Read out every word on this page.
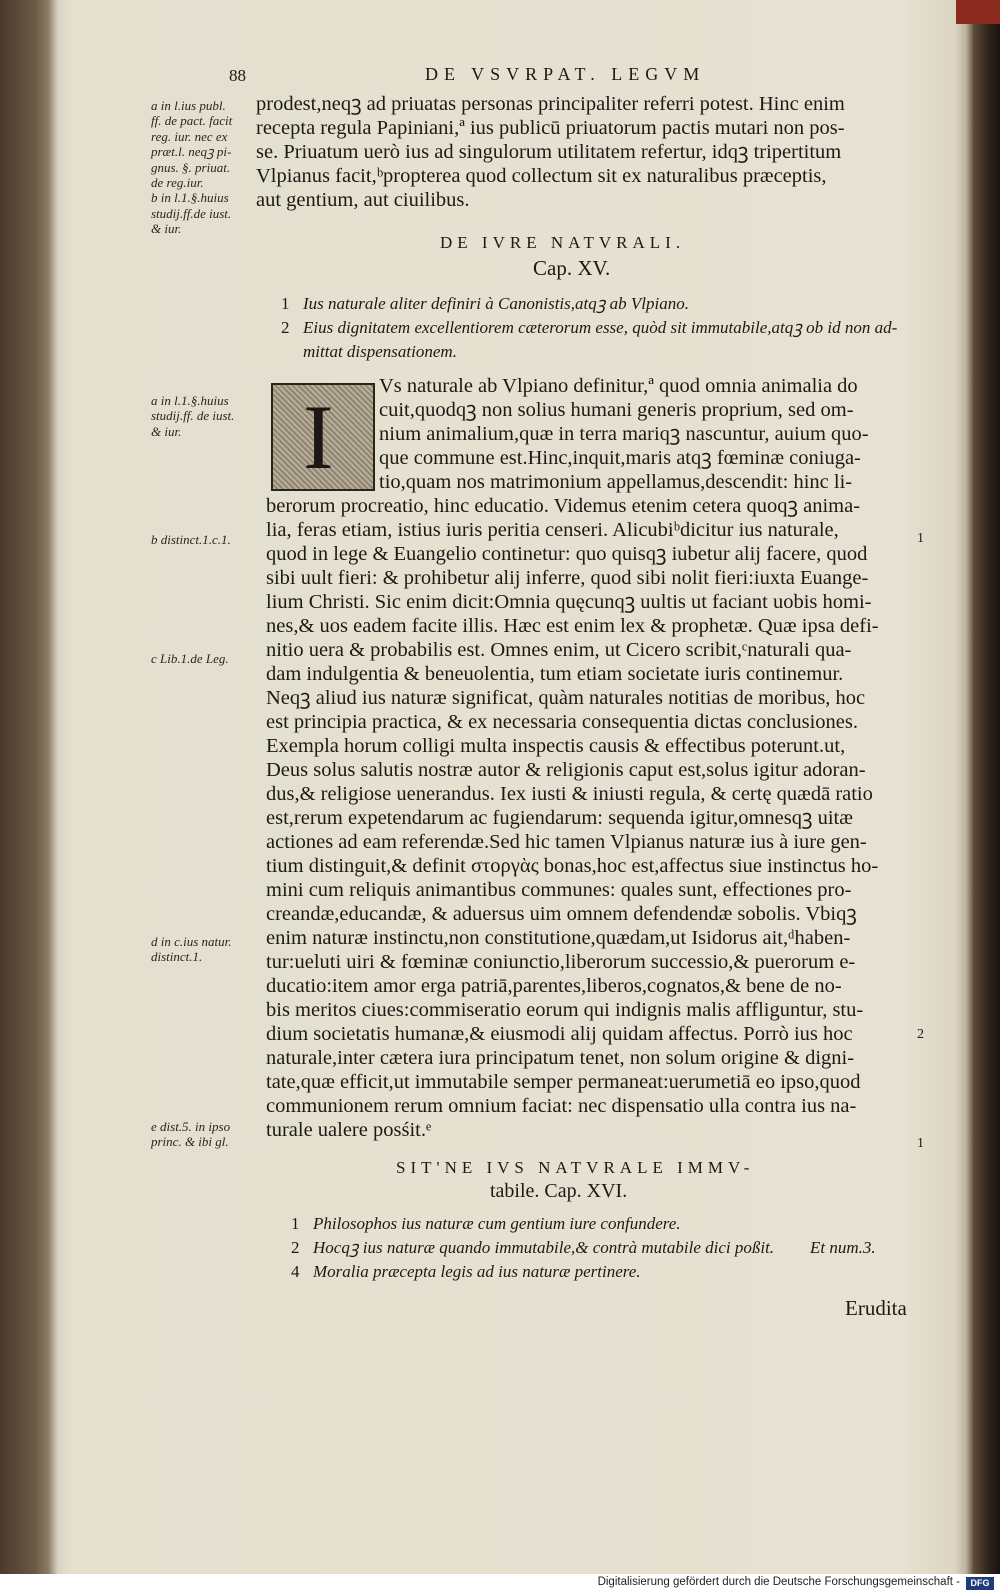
88	DE VSVRPAT. LEGVM
prodest,neqꝫ ad priuatas personas principaliter referri potest. Hinc enim
recepta regula Papiniani,ª ius publicū priuatorum pactis mutari non pos-
se. Priuatum uerò ius ad singulorum utilitatem refertur, idqꝫ tripertitum
Vlpianus facit,ᵇpropterea quod collectum sit ex naturalibus præceptis,
aut gentium, aut ciuilibus.
a in l.ius publ.
ff. de pact. facit
reg. iur. nec ex
præt.l. neqꝫ pi-
gnus. §. priuat.
de reg.iur.
b in l.1.§.huius
studij.ff.de iust.
& iur.
DE IVRE NATVRALI.
Cap. XV.
1 Ius naturale aliter definiri à Canonistis,atqꝫ ab Vlpiano.
2 Eius dignitatem excellentiorem cæterorum esse, quòd sit immutabile,atqꝫ ob id non ad-
mittat dispensationem.
I Vs naturale ab Vlpiano definitur,ª quod omnia animalia do
cuit,quodqꝫ non solius humani generis proprium, sed om-
nium animalium,quæ in terra mariqꝫ nascuntur, auium quo-
que commune est.Hinc,inquit,maris atqꝫ fœminæ coniuga-
tio,quam nos matrimonium appellamus,descendit: hinc li-
berorum procreatio, hinc educatio. Videmus etenim cetera quoqꝫ anima-
lia, feras etiam, istius iuris peritia censeri. Alicubiᵇdicitur ius naturale,
quod in lege & Euangelio continetur: quo quisqꝫ iubetur alij facere, quod
sibi uult fieri: & prohibetur alij inferre, quod sibi nolit fieri:iuxta Euange-
lium Christi. Sic enim dicit:Omnia quęcunqꝫ uultis ut faciant uobis homi-
nes,& uos eadem facite illis. Hæc est enim lex & prophetæ. Quæ ipsa defi-
nitio uera & probabilis est. Omnes enim, ut Cicero scribit,ᶜnaturali qua-
dam indulgentia & beneuolentia, tum etiam societate iuris continemur.
Neqꝫ aliud ius naturæ significat, quàm naturales notitias de moribus, hoc
est principia practica, & ex necessaria consequentia dictas conclusiones.
Exempla horum colligi multa inspectis causis & effectibus poterunt.ut,
Deus solus salutis nostræ autor & religionis caput est,solus igitur adoran-
dus,& religiose uenerandus. Iex iusti & iniusti regula, & certę quædā ratio
est,rerum expetendarum ac fugiendarum: sequenda igitur,omnesqꝫ uitæ
actiones ad eam referendæ.Sed hic tamen Vlpianus naturæ ius à iure gen-
tium distinguit,& definit στοργὰς bonas,hoc est,affectus siue instinctus ho-
mini cum reliquis animantibus communes: quales sunt, effectiones pro-
creandæ,educandæ, & aduersus uim omnem defendendæ sobolis. Vbiqꝫ
enim naturæ instinctu,non constitutione,quædam,ut Isidorus ait,ᵈhaben-
tur:ueluti uiri & fœminæ coniunctio,liberorum successio,& puerorum e-
ducatio:item amor erga patriā,parentes,liberos,cognatos,& bene de no-
bis meritos ciues:commiseratio eorum qui indignis malis affliguntur, stu-
dium societatis humanæ,& eiusmodi alij quidam affectus. Porrò ius hoc
naturale,inter cætera iura principatum tenet, non solum origine & digni-
tate,quæ efficit,ut immutabile semper permaneat:uerumetiā eo ipso,quod
communionem rerum omnium faciat: nec dispensatio ulla contra ius na-
turale ualere posśit.ᵉ
a in l.1.§.huius
studij.ff. de iust.
& iur.
b distinct.1.c.1.
c Lib.1.de Leg.
d in c.ius natur.
distinct.1.
e dist.5. in ipso
princ. & ibi gl.
1
2
1
SIT'NE IVS NATVRALE IMMV-
tabile. Cap. XVI.
1 Philosophos ius naturæ cum gentium iure confundere.
2 Hocqꝫ ius naturæ quando immutabile,& contrà mutabile dici poßit.
4 Moralia præcepta legis ad ius naturæ pertinere.
Et num.3.
Erudita
Digitalisierung gefördert durch die Deutsche Forschungsgemeinschaft -	DFG
